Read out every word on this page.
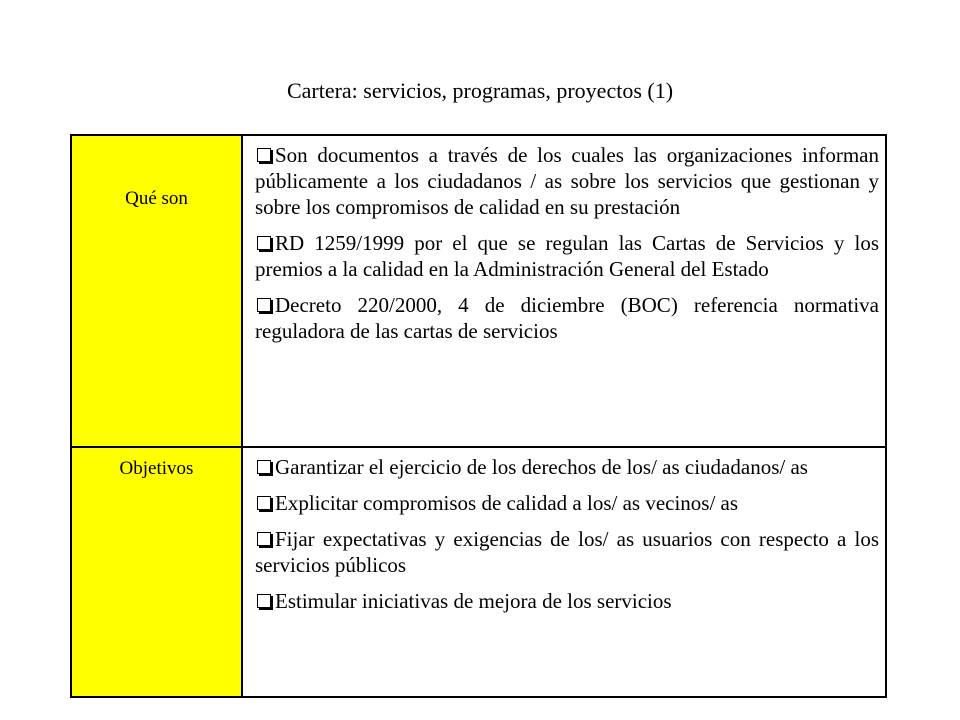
Cartera: servicios, programas, proyectos (1)
Qué son	Son documentos a través de los cuales las organizaciones informan públicamente a los ciudadanos / as sobre los servicios que gestionan y sobre los compromisos de calidad en su prestación
RD 1259/1999 por el que se regulan las Cartas de Servicios y los premios a la calidad en la Administración General del Estado
Decreto 220/2000, 4 de diciembre (BOC) referencia normativa reguladora de las cartas de servicios

Objetivos	Garantizar el ejercicio de los derechos de los/ as ciudadanos/ as
Explicitar compromisos de calidad a los/ as vecinos/ as
Fijar expectativas y exigencias de los/ as usuarios con respecto a los servicios públicos
Estimular iniciativas de mejora de los servicios
